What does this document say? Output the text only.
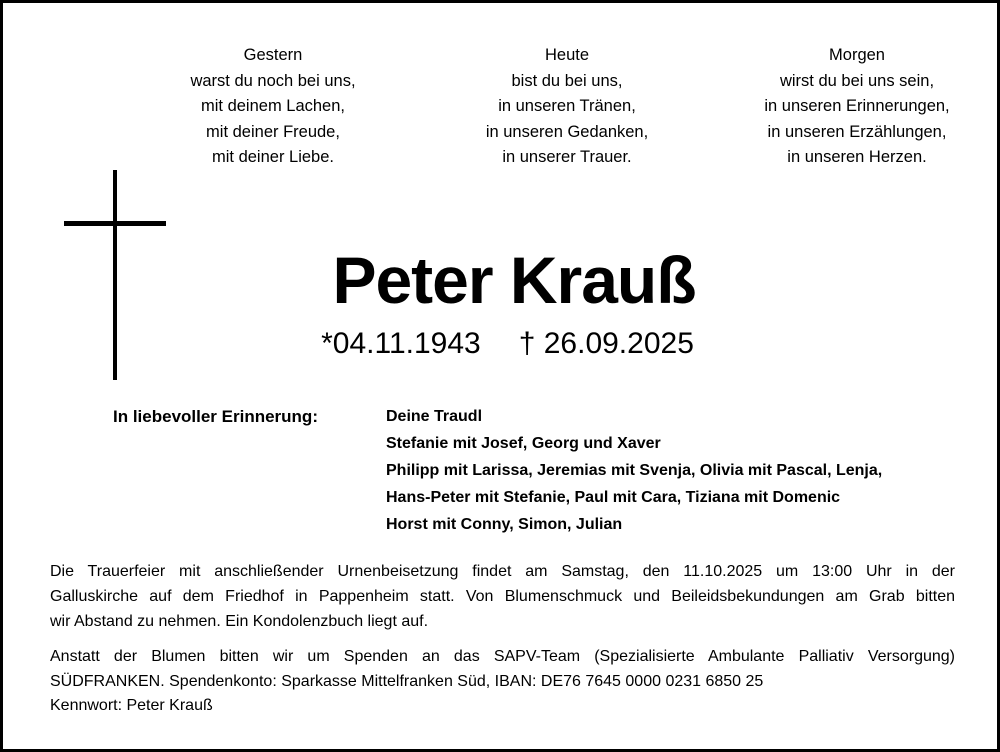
Gestern
warst du noch bei uns,
mit deinem Lachen,
mit deiner Freude,
mit deiner Liebe.
Heute
bist du bei uns,
in unseren Tränen,
in unseren Gedanken,
in unserer Trauer.
Morgen
wirst du bei uns sein,
in unseren Erinnerungen,
in unseren Erzählungen,
in unseren Herzen.
Peter Krauß
*04.11.1943 † 26.09.2025
In liebevoller Erinnerung:	Deine Traudl
Stefanie mit Josef, Georg und Xaver
Philipp mit Larissa, Jeremias mit Svenja, Olivia mit Pascal, Lenja,
Hans-Peter mit Stefanie, Paul mit Cara, Tiziana mit Domenic
Horst mit Conny, Simon, Julian
Die Trauerfeier mit anschließender Urnenbeisetzung findet am Samstag, den 11.10.2025 um 13:00 Uhr in der
Galluskirche auf dem Friedhof in Pappenheim statt. Von Blumenschmuck und Beileidsbekundungen am Grab bitten
wir Abstand zu nehmen. Ein Kondolenzbuch liegt auf.
Anstatt der Blumen bitten wir um Spenden an das SAPV-Team (Spezialisierte Ambulante Palliativ Versorgung)
SÜDFRANKEN. Spendenkonto: Sparkasse Mittelfranken Süd, IBAN: DE76 7645 0000 0231 6850 25
Kennwort: Peter Krauß
